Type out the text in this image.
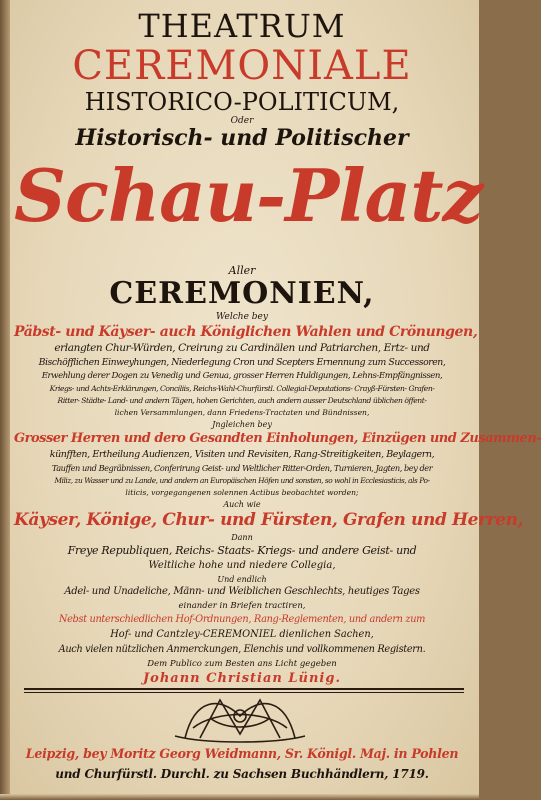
THEATRUM
CEREMONIALE
HISTORICO-POLITICUM,
Oder
Historisch- und Politischer
Schau-Platz
Aller
CEREMONIEN,
Welche bey
Päbst- und Käyser- auch Königlichen Wahlen und Crönungen,
erlangten Chur-Würden, Creirung zu Cardinälen und Patriarchen, Ertz- und
Bischöfflichen Einweyhungen, Niederlegung Cron und Scepters Ernennung zum Successoren,
Erwehlung derer Dogen zu Venedig und Genua, grosser Herren Huldigungen, Lehns-Empfängnissen,
Kriegs- und Achts-Erklärungen, Conciliis, Reichs-Wahl-Churfürstl. Collegial-Deputations- Crayß-Fürsten- Grafen-
Ritter- Städte- Land- und andern Tägen, hohen Gerichten, auch andern ausser Deutschland üblichen öffent-
lichen Versammlungen, dann Friedens-Tractaten und Bündnissen,
Jngleichen bey
Grosser Herren und dero Gesandten Einholungen, Einzügen und Zusammen-
künfften, Ertheilung Audienzen, Visiten und Revisiten, Rang-Streitigkeiten, Beylagern,
Tauffen und Begräbnissen, Conferirung Geist- und Weltlicher Ritter-Orden, Turnieren, Jagten, bey der
Miliz, zu Wasser und zu Lande, und andern an Europäischen Höfen und sonsten, so wohl in Ecclesiasticis, als Po-
liticis, vorgegangenen solennen Actibus beobachtet worden;
Auch wie
Käyser, Könige, Chur- und Fürsten, Grafen und Herren,
Dann
Freye Republiquen, Reichs- Staats- Kriegs- und andere Geist- und
Weltliche hohe und niedere Collegia,
Und endlich
Adel- und Unadeliche, Männ- und Weiblichen Geschlechts, heutiges Tages
einander in Briefen tractiren,
Nebst unterschiedlichen Hof-Ordnungen, Rang-Reglementen, und andern zum
Hof- und Cantzley-CEREMONIEL dienlichen Sachen,
Auch vielen nützlichen Anmerckungen, Elenchis und vollkommenen Registern.
Dem Publico zum Besten ans Licht gegeben
Johann Christian Lünig.
Leipzig, bey Moritz Georg Weidmann, Sr. Königl. Maj. in Pohlen
und Churfürstl. Durchl. zu Sachsen Buchhändlern, 1719.
